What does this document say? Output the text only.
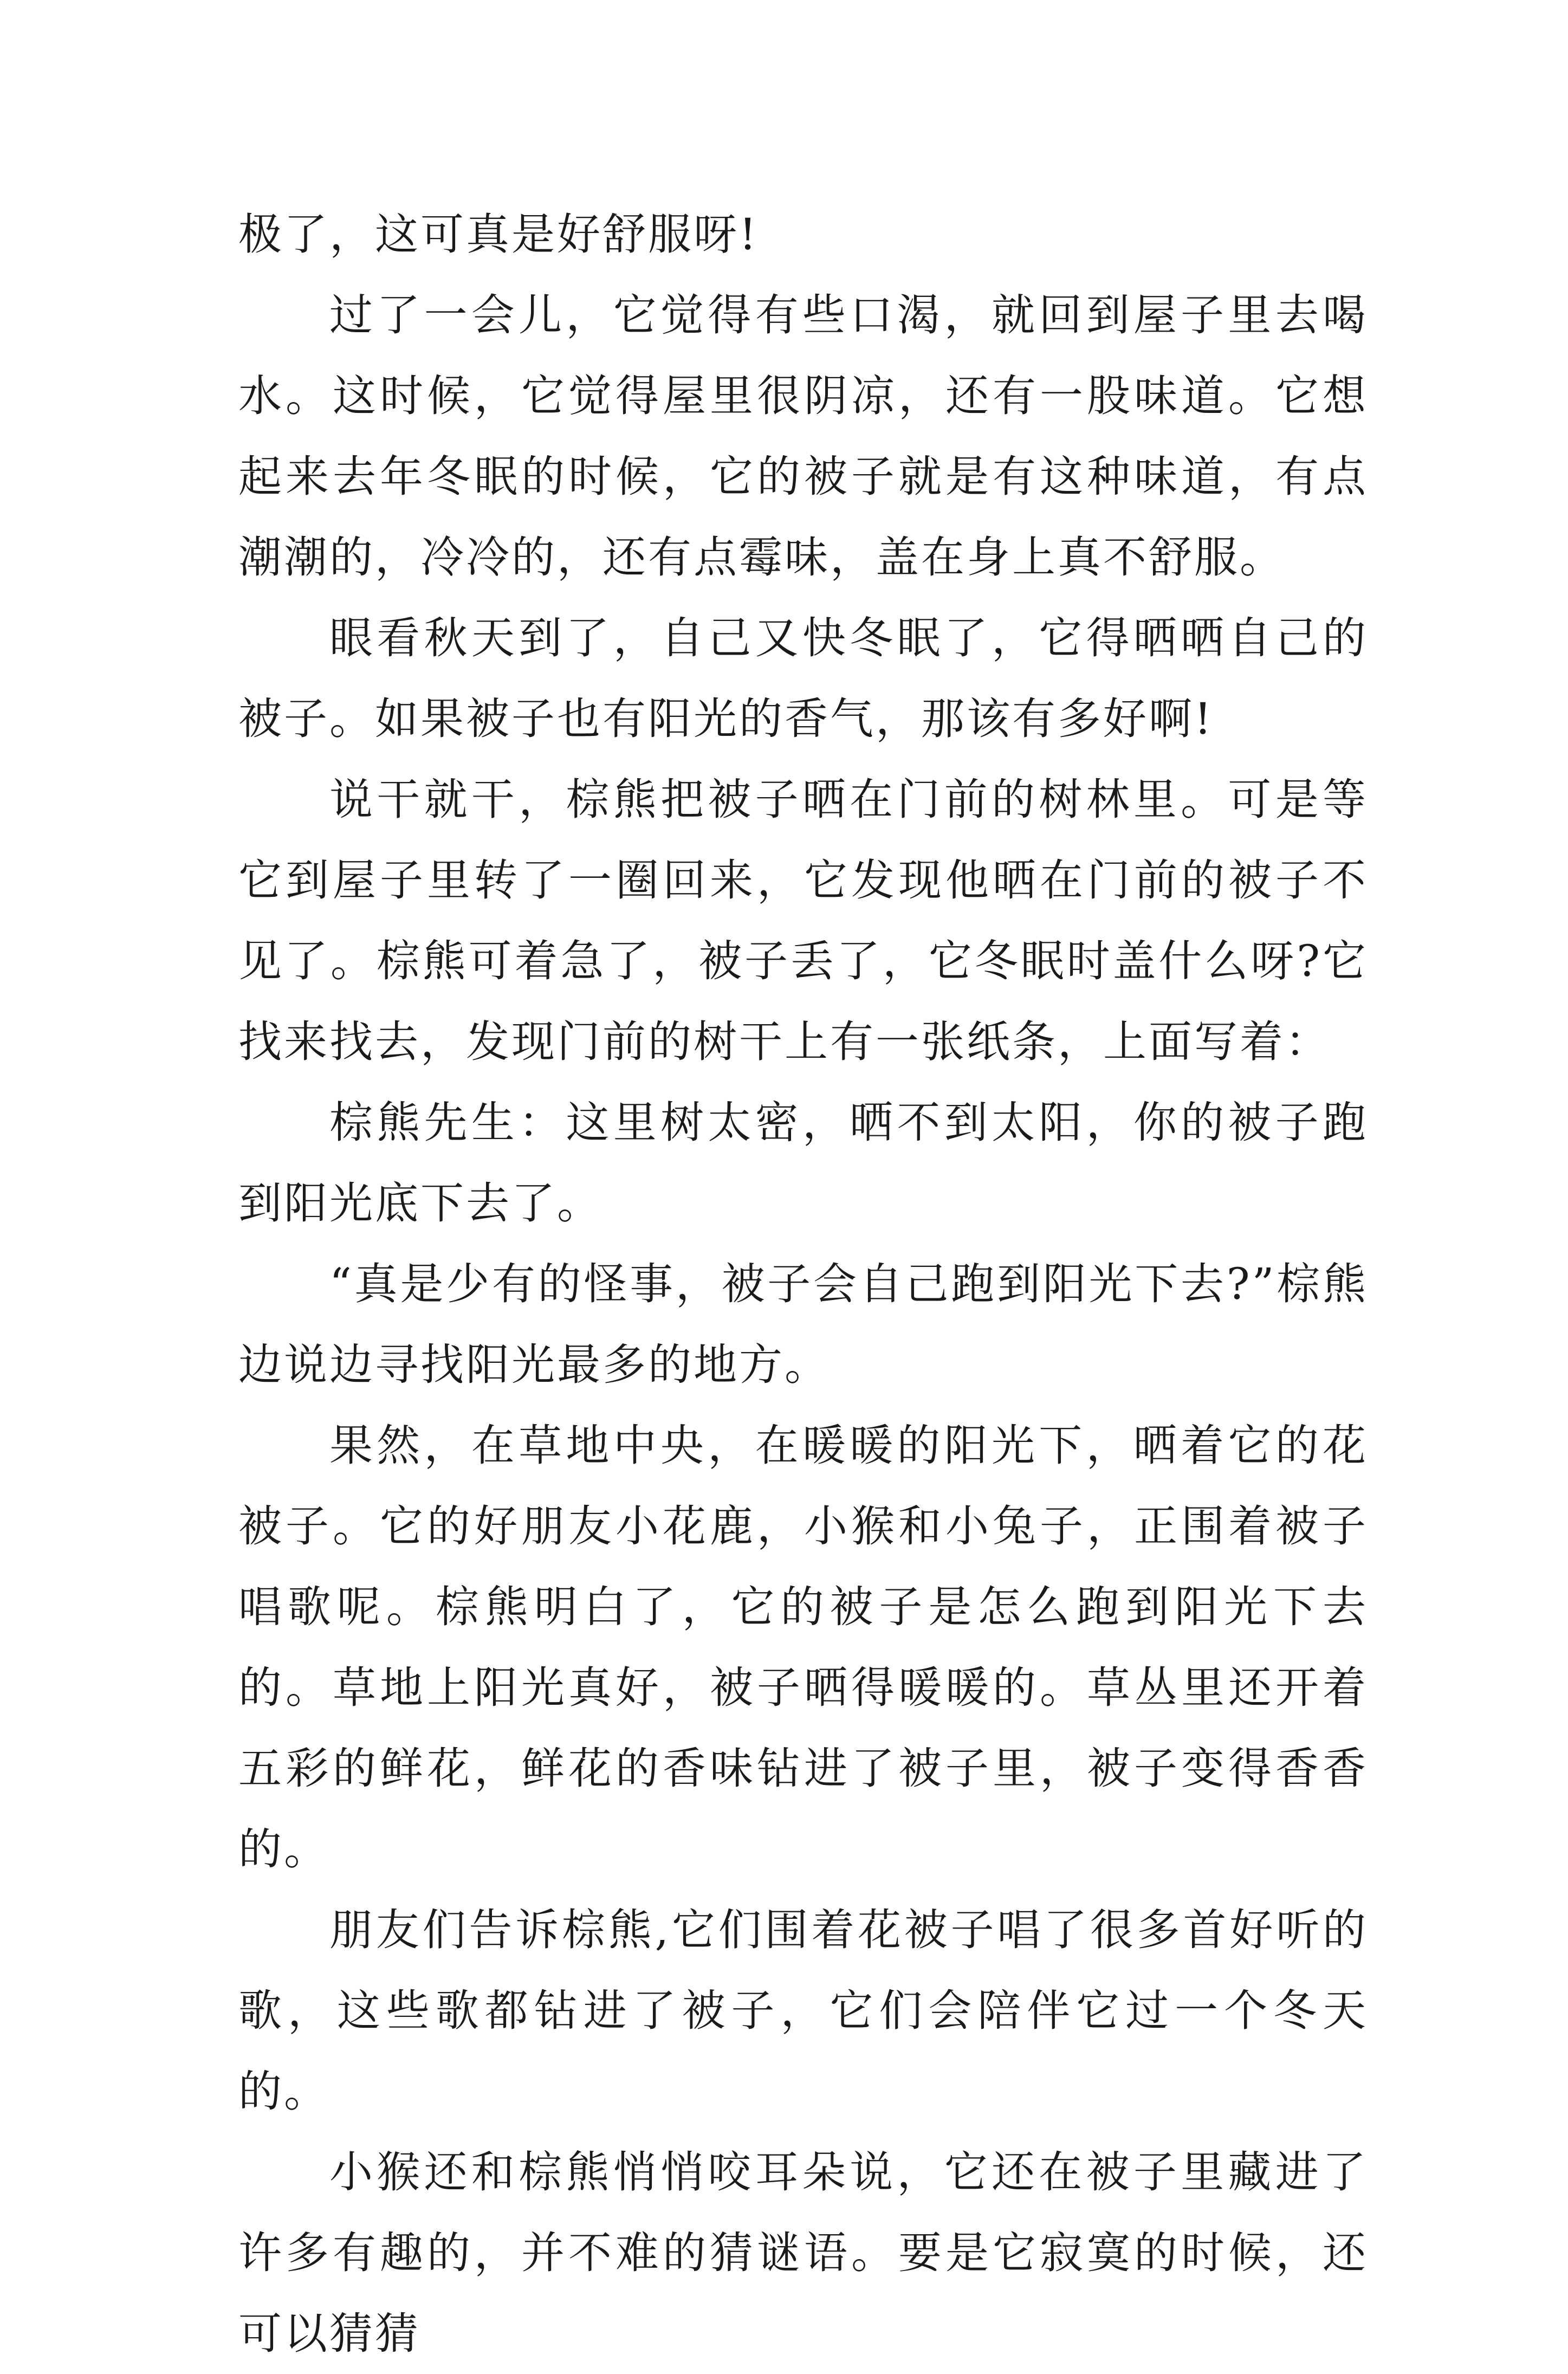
极了，这可真是好舒服呀!

过了一会儿，它觉得有些口渴，就回到屋子里去喝水。这时候，它觉得屋里很阴凉，还有一股味道。它想起来去年冬眠的时候，它的被子就是有这种味道，有点潮潮的，冷冷的，还有点霉味，盖在身上真不舒服。

眼看秋天到了，自己又快冬眠了，它得晒晒自己的被子。如果被子也有阳光的香气，那该有多好啊!

说干就干，棕熊把被子晒在门前的树林里。可是等它到屋子里转了一圈回来，它发现他晒在门前的被子不见了。棕熊可着急了，被子丢了，它冬眠时盖什么呀?它找来找去，发现门前的树干上有一张纸条，上面写着：

棕熊先生：这里树太密，晒不到太阳，你的被子跑到阳光底下去了。

“真是少有的怪事，被子会自己跑到阳光下去?”棕熊边说边寻找阳光最多的地方。

果然，在草地中央，在暖暖的阳光下，晒着它的花被子。它的好朋友小花鹿，小猴和小兔子，正围着被子唱歌呢。棕熊明白了，它的被子是怎么跑到阳光下去的。草地上阳光真好，被子晒得暖暖的。草丛里还开着五彩的鲜花，鲜花的香味钻进了被子里，被子变得香香的。

朋友们告诉棕熊,它们围着花被子唱了很多首好听的歌，这些歌都钻进了被子，它们会陪伴它过一个冬天的。

小猴还和棕熊悄悄咬耳朵说，它还在被子里藏进了许多有趣的，并不难的猜谜语。要是它寂寞的时候，还可以猜猜
